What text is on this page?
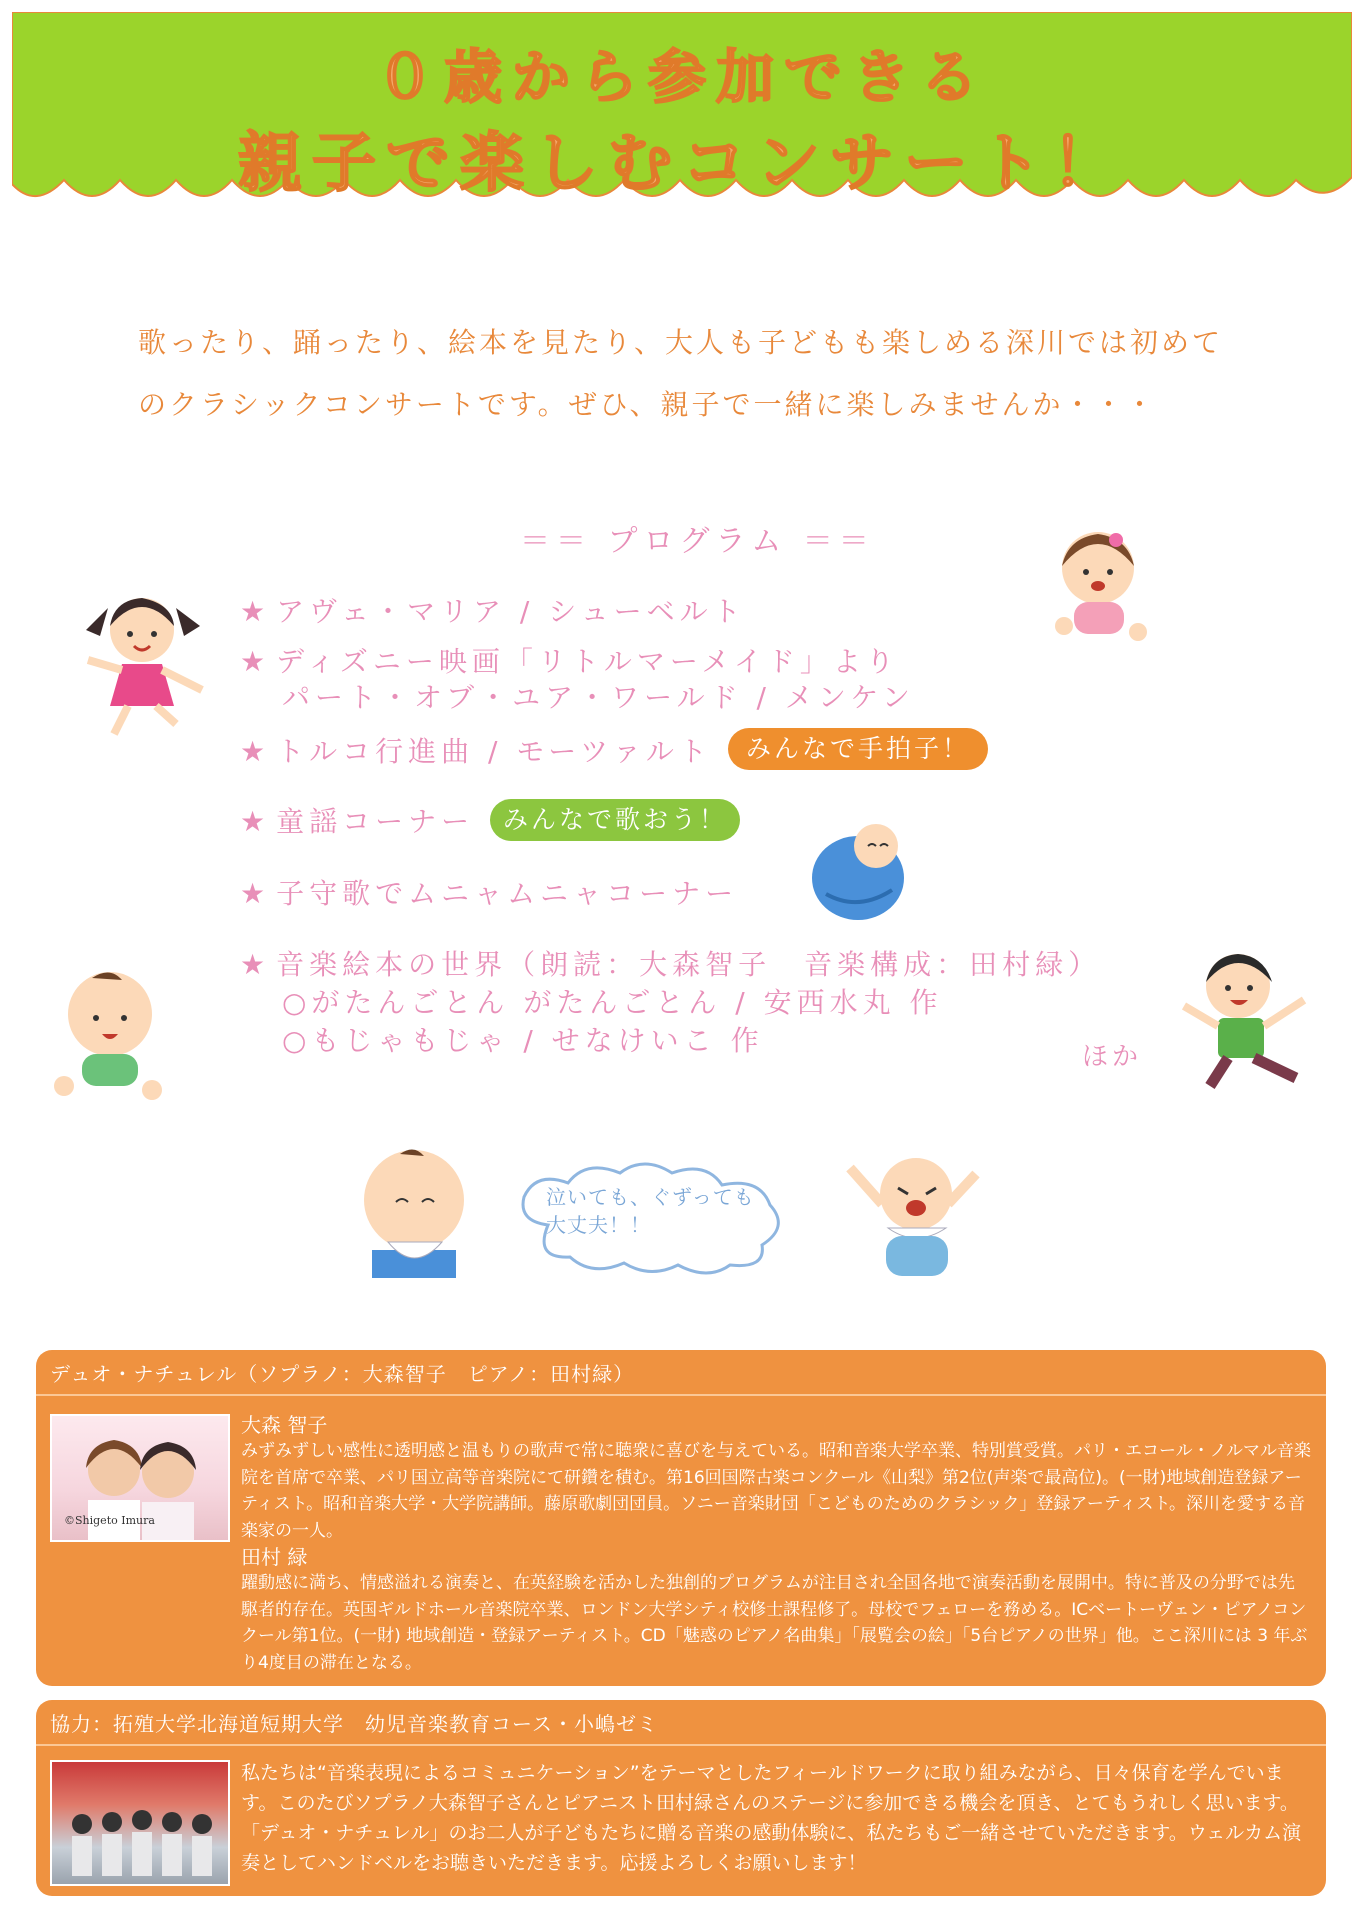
０歳から参加できる
親子で楽しむコンサート！

歌ったり、踊ったり、絵本を見たり、大人も子どもも楽しめる深川では初めて

のクラシックコンサートです。ぜひ、親子で一緒に楽しみませんか・・・

＝＝ プログラム ＝＝

★ アヴェ・マリア / シューベルト

★ ディズニー映画「リトルマーメイド」より
パート・オブ・ユア・ワールド / メンケン

★ トルコ行進曲 / モーツァルト	みんなで手拍子！

★ 童謡コーナー	みんなで歌おう！

★ 子守歌でムニャムニャコーナー

★ 音楽絵本の世界（朗読：大森智子　音楽構成：田村緑）
○がたんごとん がたんごとん / 安西水丸 作
○もじゃもじゃ / せなけいこ 作	ほか
泣いても、ぐずっても
大丈夫！！

デュオ・ナチュレル（ソプラノ：大森智子　ピアノ：田村緑）

©Shigeto Imura
大森 智子
みずみずしい感性に透明感と温もりの歌声で常に聴衆に喜びを与えている。昭和音楽大学卒業、特別賞受賞。パリ・エコール・ノルマル音楽院を首席で卒業、パリ国立高等音楽院にて研鑽を積む。第16回国際古楽コンクール《山梨》第2位(声楽で最高位)。(一財)地域創造登録アーティスト。昭和音楽大学・大学院講師。藤原歌劇団団員。ソニー音楽財団「こどものためのクラシック」登録アーティスト。深川を愛する音楽家の一人。
田村 緑
躍動感に満ち、情感溢れる演奏と、在英経験を活かした独創的プログラムが注目され全国各地で演奏活動を展開中。特に普及の分野では先駆者的存在。英国ギルドホール音楽院卒業、ロンドン大学シティ校修士課程修了。母校でフェローを務める。ICベートーヴェン・ピアノコンクール第1位。(一財) 地域創造・登録アーティスト。CD「魅惑のピアノ名曲集」「展覧会の絵」「5台ピアノの世界」他。ここ深川には 3 年ぶり4度目の滞在となる。

協力：拓殖大学北海道短期大学　幼児音楽教育コース・小嶋ゼミ

私たちは“音楽表現によるコミュニケーション”をテーマとしたフィールドワークに取り組みながら、日々保育を学んでいます。このたびソプラノ大森智子さんとピアニスト田村緑さんのステージに参加できる機会を頂き、とてもうれしく思います。「デュオ・ナチュレル」のお二人が子どもたちに贈る音楽の感動体験に、私たちもご一緒させていただきます。ウェルカム演奏としてハンドベルをお聴きいただきます。応援よろしくお願いします！
